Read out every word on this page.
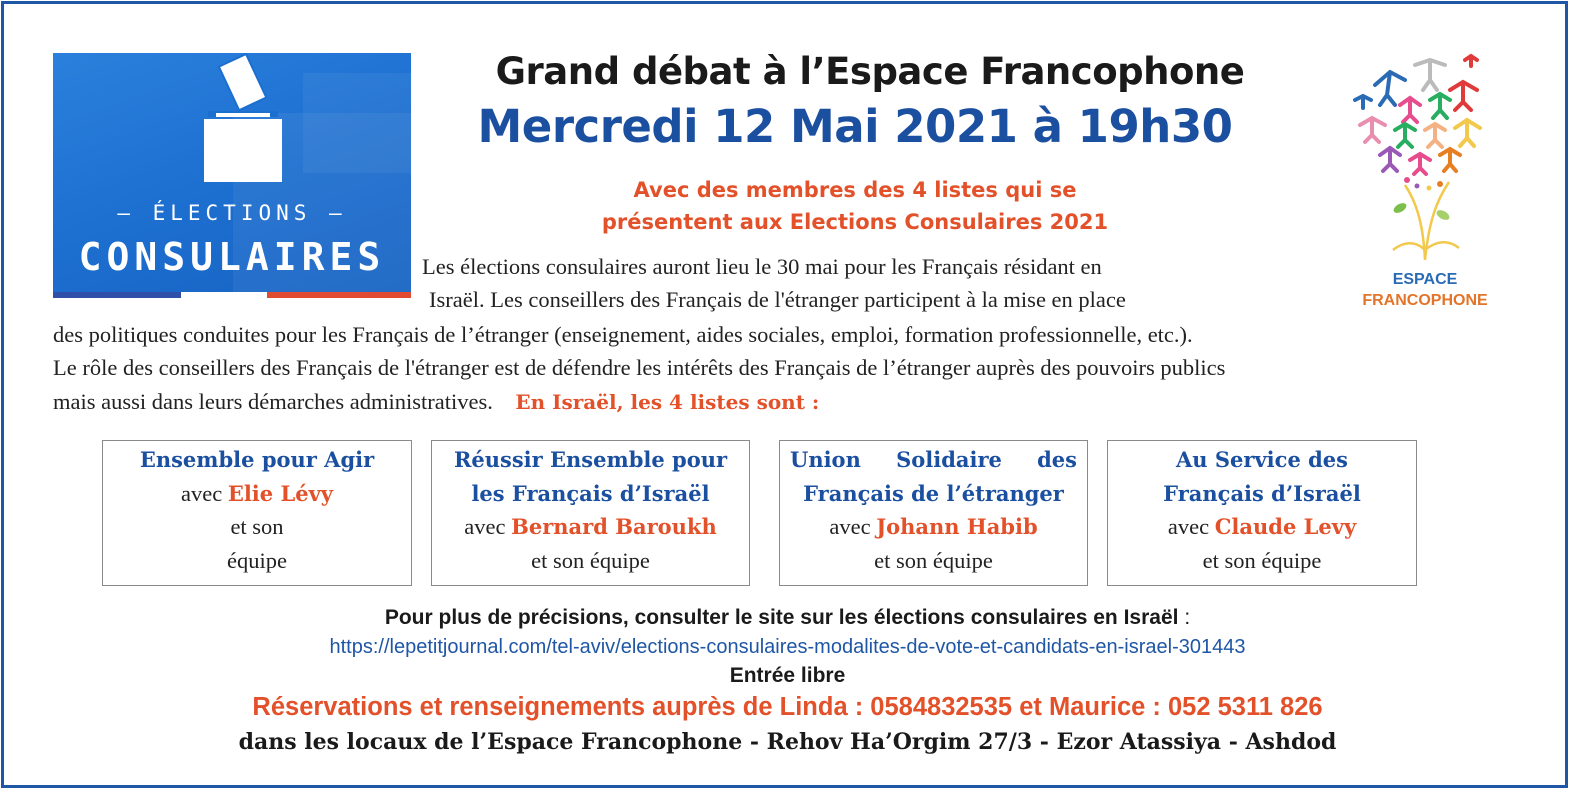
– ÉLECTIONS –
CONSULAIRES
Grand débat à l’Espace Francophone
Mercredi 12 Mai 2021 à 19h30
Avec des membres des 4 listes qui se
présentent aux Elections Consulaires 2021
ESPACE
FRANCOPHONE
Les élections consulaires auront lieu le 30 mai pour les Français résidant en
Israël. Les conseillers des Français de l'étranger participent à la mise en place
des politiques conduites pour les Français de l’étranger (enseignement, aides sociales, emploi, formation professionnelle, etc.).
Le rôle des conseillers des Français de l'étranger est de défendre les intérêts des Français de l’étranger auprès des pouvoirs publics
mais aussi dans leurs démarches administratives. En Israël, les 4 listes sont :
Ensemble pour Agir
avec Elie Lévy
et son
équipe
Réussir Ensemble pour
les Français d’Israël
avec Bernard Baroukh
et son équipe
Union Solidaire des
Français de l’étranger
avec Johann Habib
et son équipe
Au Service des
Français d’Israël
avec Claude Levy
et son équipe
Pour plus de précisions, consulter le site sur les élections consulaires en Israël :
https://lepetitjournal.com/tel-aviv/elections-consulaires-modalites-de-vote-et-candidats-en-israel-301443
Entrée libre
Réservations et renseignements auprès de Linda : 0584832535 et Maurice : 052 5311 826
dans les locaux de l’Espace Francophone - Rehov Ha’Orgim 27/3 - Ezor Atassiya - Ashdod
